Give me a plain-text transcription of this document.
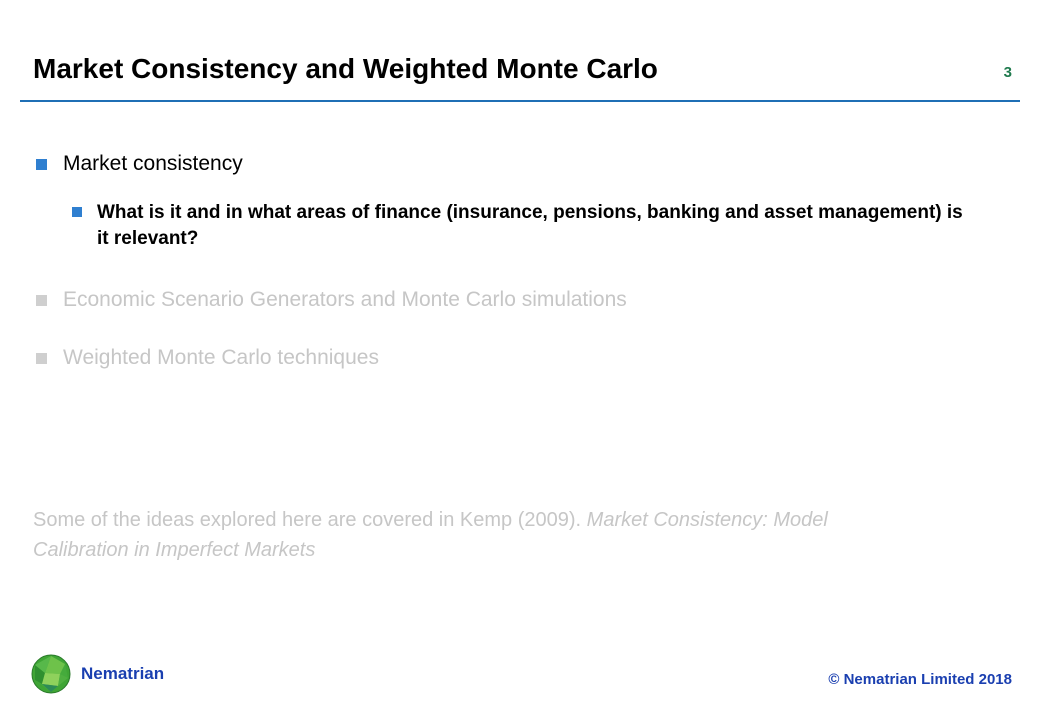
Market Consistency and Weighted Monte Carlo	3
Market consistency
What is it and in what areas of finance (insurance, pensions, banking and asset management) is it relevant?
Economic Scenario Generators and Monte Carlo simulations
Weighted Monte Carlo techniques
Some of the ideas explored here are covered in Kemp (2009). Market Consistency: Model Calibration in Imperfect Markets
Nematrian	© Nematrian Limited 2018
